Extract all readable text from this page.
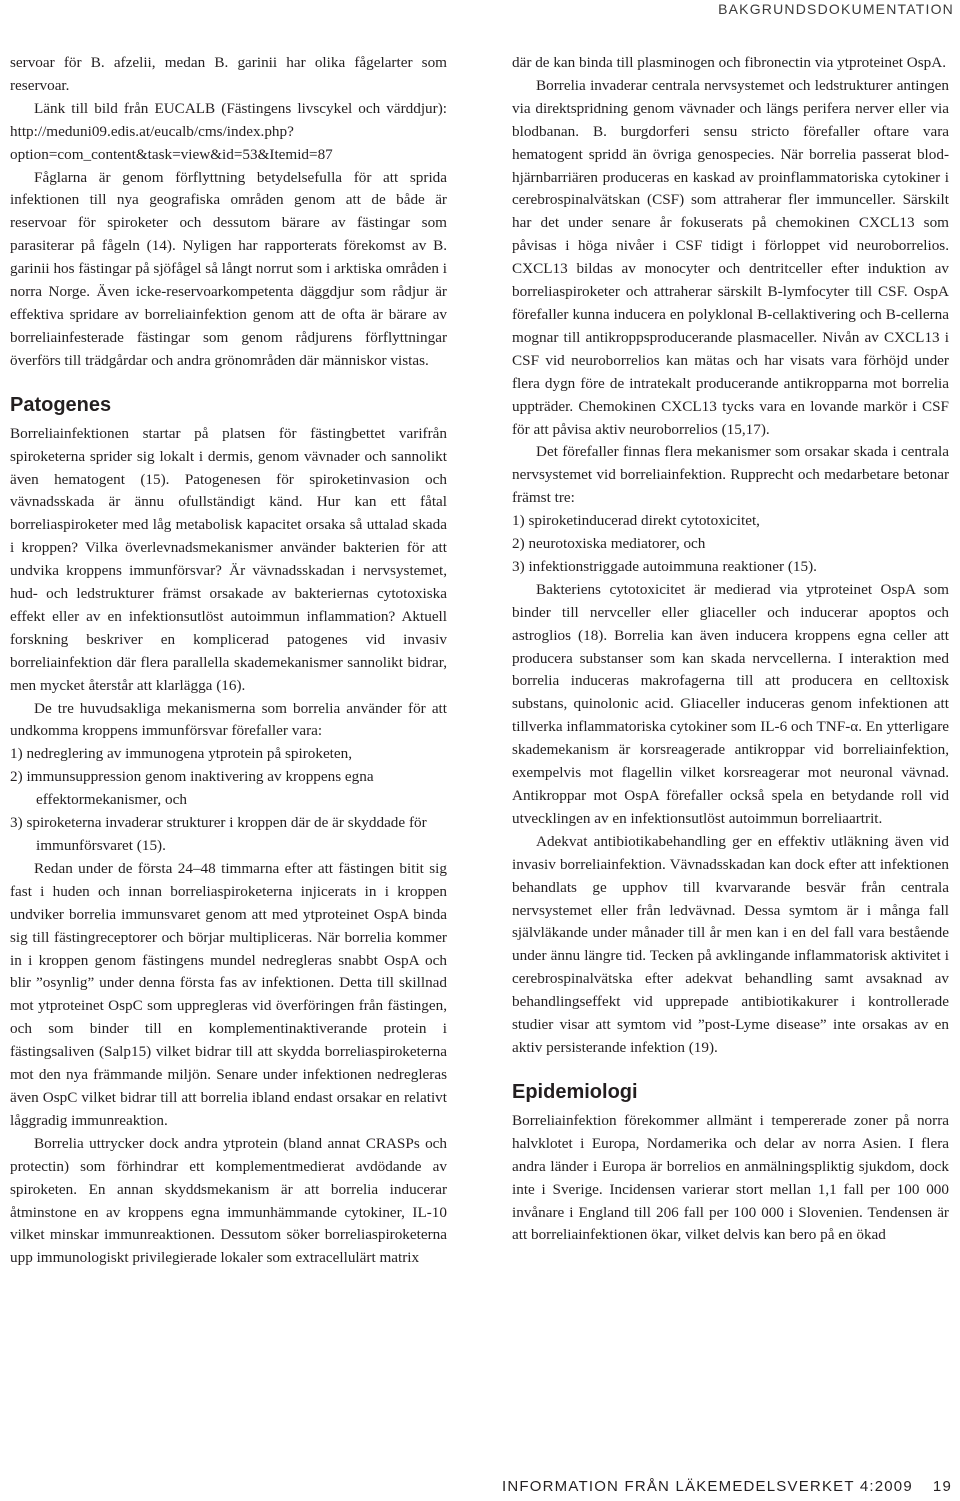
BAKGRUNDSDOKUMENTATION

servoar för B. afzelii, medan B. garinii har olika fågelarter som reservoar.

Länk till bild från EUCALB (Fästingens livscykel och värddjur): http://meduni09.edis.at/eucalb/cms/index.php?option=com_content&task=view&id=53&Itemid=87

Fåglarna är genom förflyttning betydelsefulla för att sprida infektionen till nya geografiska områden genom att de både är reservoar för spiroketer och dessutom bärare av fästingar som parasiterar på fågeln (14). Nyligen har rapporterats förekomst av B. garinii hos fästingar på sjöfågel så långt norrut som i arktiska områden i norra Norge. Även icke-reservoarkompetenta däggdjur som rådjur är effektiva spridare av borreliainfektion genom att de ofta är bärare av borreliainfesterade fästingar som genom rådjurens förflyttningar överförs till trädgårdar och andra grönområden där människor vistas.

Patogenes

Borreliainfektionen startar på platsen för fästingbettet varifrån spiroketerna sprider sig lokalt i dermis, genom vävnader och sannolikt även hematogent (15). Patogenesen för spiroketinvasion och vävnadsskada är ännu ofullständigt känd. Hur kan ett fåtal borreliaspiroketer med låg metabolisk kapacitet orsaka så uttalad skada i kroppen? Vilka överlevnadsmekanismer använder bakterien för att undvika kroppens immunförsvar? Är vävnadsskadan i nervsystemet, hud- och ledstrukturer främst orsakade av bakteriernas cytotoxiska effekt eller av en infektionsutlöst autoimmun inflammation? Aktuell forskning beskriver en komplicerad patogenes vid invasiv borreliainfektion där flera parallella skademekanismer sannolikt bidrar, men mycket återstår att klarlägga (16).

De tre huvudsakliga mekanismerna som borrelia använder för att undkomma kroppens immunförsvar förefaller vara:

1) nedreglering av immunogena ytprotein på spiroketen,

2) immunsuppression genom inaktivering av kroppens egna effektormekanismer, och

3) spiroketerna invaderar strukturer i kroppen där de är skyddade för immunförsvaret (15).

Redan under de första 24–48 timmarna efter att fästingen bitit sig fast i huden och innan borreliaspiroketerna injicerats in i kroppen undviker borrelia immunsvaret genom att med ytproteinet OspA binda sig till fästingreceptorer och börjar multipliceras. När borrelia kommer in i kroppen genom fästingens mundel nedregleras snabbt OspA och blir ”osynlig” under denna första fas av infektionen. Detta till skillnad mot ytproteinet OspC som uppregleras vid överföringen från fästingen, och som binder till en komplementinaktiverande protein i fästingsaliven (Salp15) vilket bidrar till att skydda borreliaspiroketerna mot den nya främmande miljön. Senare under infektionen nedregleras även OspC vilket bidrar till att borrelia ibland endast orsakar en relativt låggradig immunreaktion.

Borrelia uttrycker dock andra ytprotein (bland annat CRASPs och protectin) som förhindrar ett komplementmedierat avdödande av spiroketen. En annan skyddsmekanism är att borrelia inducerar åtminstone en av kroppens egna immunhämmande cytokiner, IL-10 vilket minskar immunreaktionen. Dessutom söker borreliaspiroketerna upp immunologiskt privilegierade lokaler som extracellulärt matrix

där de kan binda till plasminogen och fibronectin via ytproteinet OspA.

Borrelia invaderar centrala nervsystemet och ledstrukturer antingen via direktspridning genom vävnader och längs perifera nerver eller via blodbanan. B. burgdorferi sensu stricto förefaller oftare vara hematogent spridd än övriga genospecies. När borrelia passerat blod-hjärnbarriären produceras en kaskad av proinflammatoriska cytokiner i cerebrospinalvätskan (CSF) som attraherar fler immunceller. Särskilt har det under senare år fokuserats på chemokinen CXCL13 som påvisas i höga nivåer i CSF tidigt i förloppet vid neuroborrelios. CXCL13 bildas av monocyter och dentritceller efter induktion av borreliaspiroketer och attraherar särskilt B-lymfocyter till CSF. OspA förefaller kunna inducera en polyklonal B-cellaktivering och B-cellerna mognar till antikroppsproducerande plasmaceller. Nivån av CXCL13 i CSF vid neuroborrelios kan mätas och har visats vara förhöjd under flera dygn före de intratekalt producerande antikropparna mot borrelia uppträder. Chemokinen CXCL13 tycks vara en lovande markör i CSF för att påvisa aktiv neuroborrelios (15,17).

Det förefaller finnas flera mekanismer som orsakar skada i centrala nervsystemet vid borreliainfektion. Rupprecht och medarbetare betonar främst tre:

1) spiroketinducerad direkt cytotoxicitet,

2) neurotoxiska mediatorer, och

3) infektionstriggade autoimmuna reaktioner (15).

Bakteriens cytotoxicitet är medierad via ytproteinet OspA som binder till nervceller eller gliaceller och inducerar apoptos och astroglios (18). Borrelia kan även inducera kroppens egna celler att producera substanser som kan skada nervcellerna. I interaktion med borrelia induceras makrofagerna till att producera en celltoxisk substans, quinolonic acid. Gliaceller induceras genom infektionen att tillverka inflammatoriska cytokiner som IL-6 och TNF-α. En ytterligare skademekanism är korsreagerade antikroppar vid borreliainfektion, exempelvis mot flagellin vilket korsreagerar mot neuronal vävnad. Antikroppar mot OspA förefaller också spela en betydande roll vid utvecklingen av en infektionsutlöst autoimmun borreliaartrit.

Adekvat antibiotikabehandling ger en effektiv utläkning även vid invasiv borreliainfektion. Vävnadsskadan kan dock efter att infektionen behandlats ge upphov till kvarvarande besvär från centrala nervsystemet eller från ledvävnad. Dessa symtom är i många fall självläkande under månader till år men kan i en del fall vara bestående under ännu längre tid. Tecken på avklingande inflammatorisk aktivitet i cerebrospinalvätska efter adekvat behandling samt avsaknad av behandlingseffekt vid upprepade antibiotikakurer i kontrollerade studier visar att symtom vid ”post-Lyme disease” inte orsakas av en aktiv persisterande infektion (19).

Epidemiologi

Borreliainfektion förekommer allmänt i tempererade zoner på norra halvklotet i Europa, Nordamerika och delar av norra Asien. I flera andra länder i Europa är borrelios en anmälningspliktig sjukdom, dock inte i Sverige. Incidensen varierar stort mellan 1,1 fall per 100 000 invånare i England till 206 fall per 100 000 i Slovenien. Tendensen är att borreliainfektionen ökar, vilket delvis kan bero på en ökad

INFORMATION FRÅN LÄKEMEDELSVERKET 4:2009 19
